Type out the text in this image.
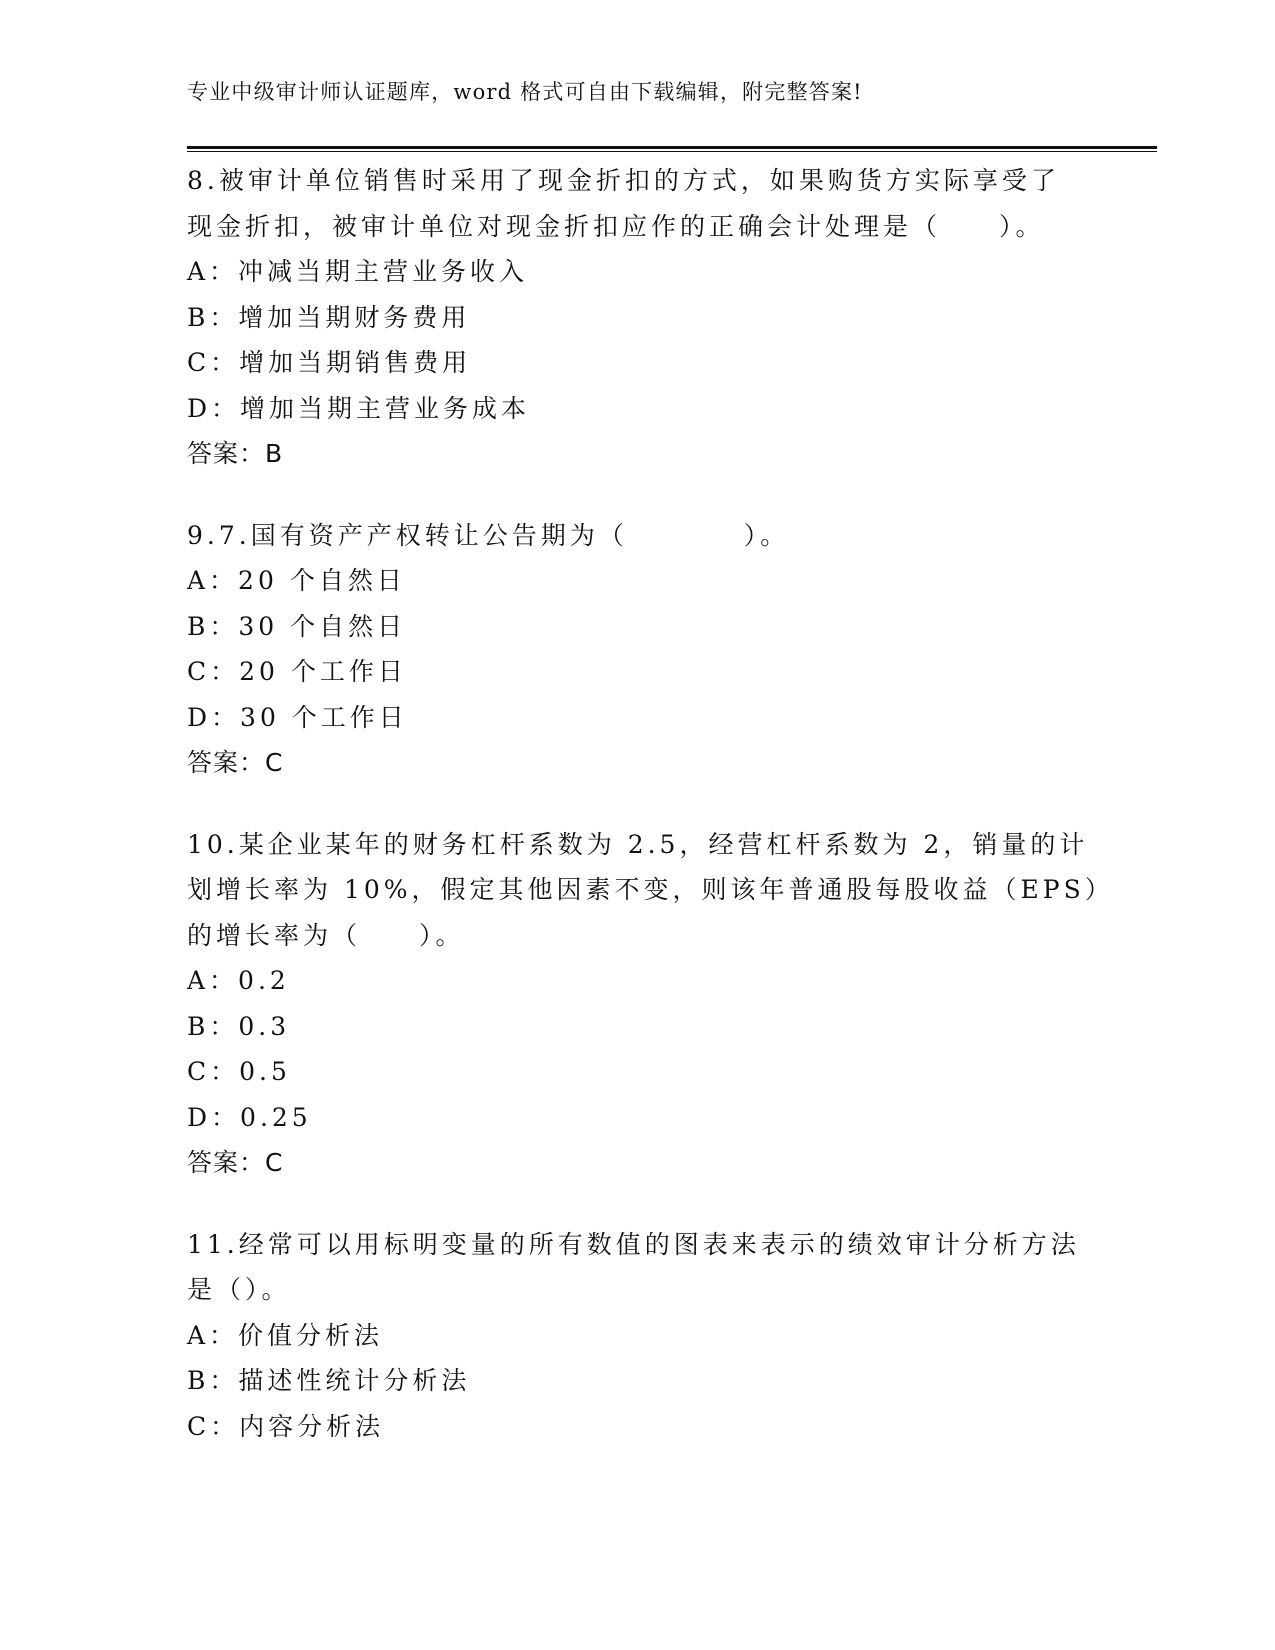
专业中级审计师认证题库，word 格式可自由下载编辑，附完整答案!
8.被审计单位销售时采用了现金折扣的方式，如果购货方实际享受了
现金折扣，被审计单位对现金折扣应作的正确会计处理是（　　）。
A：冲减当期主营业务收入
B：增加当期财务费用
C：增加当期销售费用
D：增加当期主营业务成本
答案：B
9.7.国有资产产权转让公告期为（　　　　）。
A：20 个自然日
B：30 个自然日
C：20 个工作日
D：30 个工作日
答案：C
10.某企业某年的财务杠杆系数为 2.5，经营杠杆系数为 2，销量的计
划增长率为 10%，假定其他因素不变，则该年普通股每股收益（EPS）
的增长率为（　　）。
A：0.2
B：0.3
C：0.5
D：0.25
答案：C
11.经常可以用标明变量的所有数值的图表来表示的绩效审计分析方法
是（）。
A：价值分析法
B：描述性统计分析法
C：内容分析法
